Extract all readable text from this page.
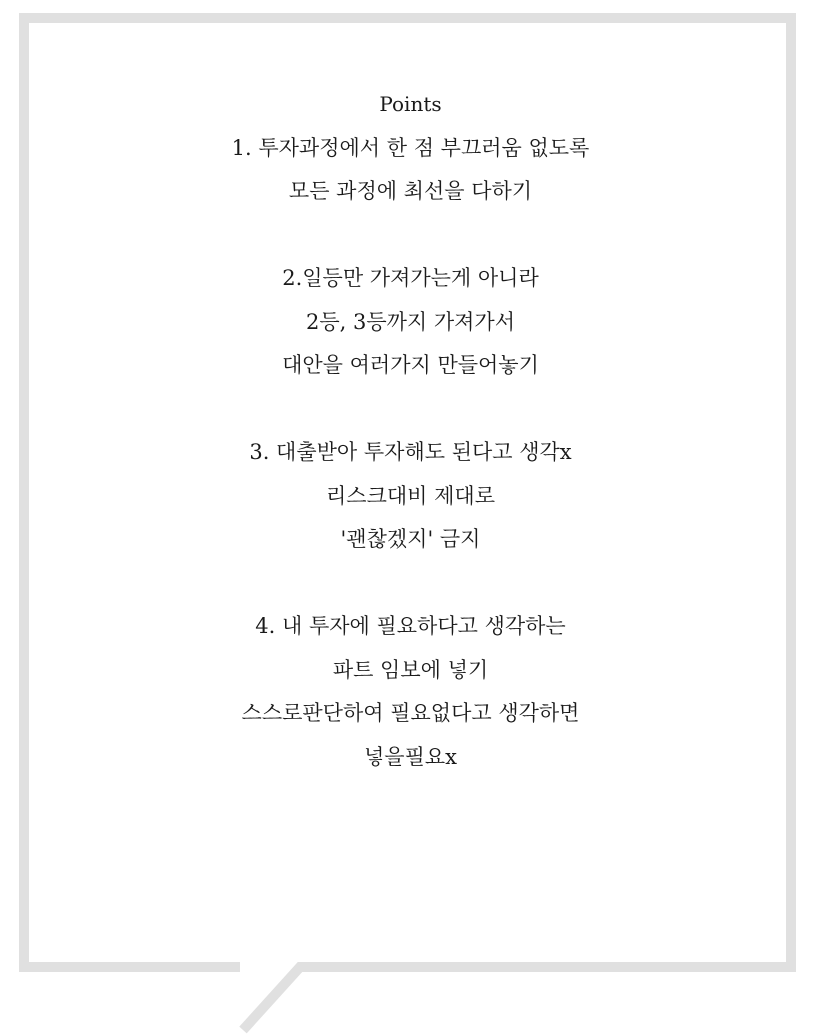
Points
1. 투자과정에서 한 점 부끄러움 없도록
모든 과정에 최선을 다하기
2.일등만 가져가는게 아니라
2등, 3등까지 가져가서
대안을 여러가지 만들어놓기
3. 대출받아 투자해도 된다고 생각x
리스크대비 제대로
'괜찮겠지' 금지
4. 내 투자에 필요하다고 생각하는
파트 임보에 넣기
스스로판단하여 필요없다고 생각하면
넣을필요x
